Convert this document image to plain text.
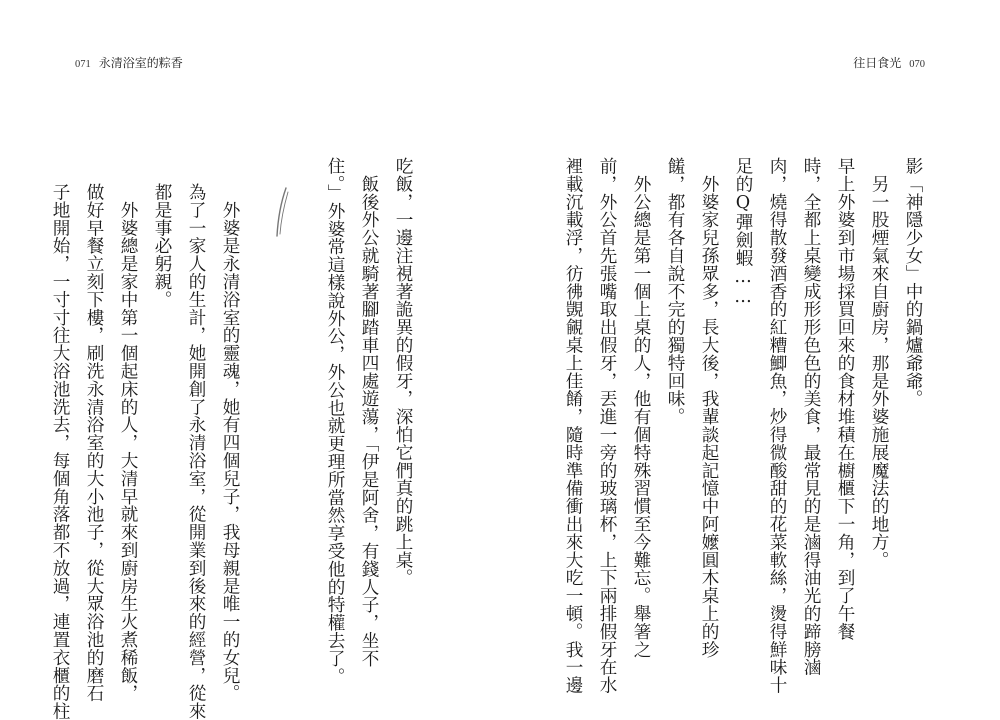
071 永清浴室的粽香	往日食光 070
影「神隱少女」中的鍋爐爺爺。
　另一股煙氣來自廚房，那是外婆施展魔法的地方。
早上外婆到市場採買回來的食材堆積在櫥櫃下一角，到了午餐
時，全都上桌變成形形色色的美食，最常見的是滷得油光的蹄膀滷
肉，燒得散發酒香的紅糟鯽魚，炒得微酸甜的花菜軟絲，燙得鮮味十
足的Q彈劍蝦……
　外婆家兒孫眾多，長大後，我輩談起記憶中阿嬤圓木桌上的珍
饈，都有各自說不完的獨特回味。
　外公總是第一個上桌的人，他有個特殊習慣至今難忘。舉箸之
前，外公首先張嘴取出假牙，丟進一旁的玻璃杯，上下兩排假牙在水
裡載沉載浮，彷彿覬覦桌上佳餚，隨時準備衝出來大吃一頓。我一邊
吃飯，一邊注視著詭異的假牙，深怕它們真的跳上桌。
　飯後外公就騎著腳踏車四處遊蕩，「伊是阿舍，有錢人子，坐不
住。」外婆常這樣說外公，外公也就更理所當然享受他的特權去了。
　外婆是永清浴室的靈魂，她有四個兒子，我母親是唯一的女兒。
為了一家人的生計，她開創了永清浴室，從開業到後來的經營，從來
都是事必躬親。
　外婆總是家中第一個起床的人，大清早就來到廚房生火煮稀飯，
做好早餐立刻下樓，刷洗永清浴室的大小池子，從大眾浴池的磨石
子地開始，一寸寸往大浴池洗去，每個角落都不放過，連置衣櫃的柱
